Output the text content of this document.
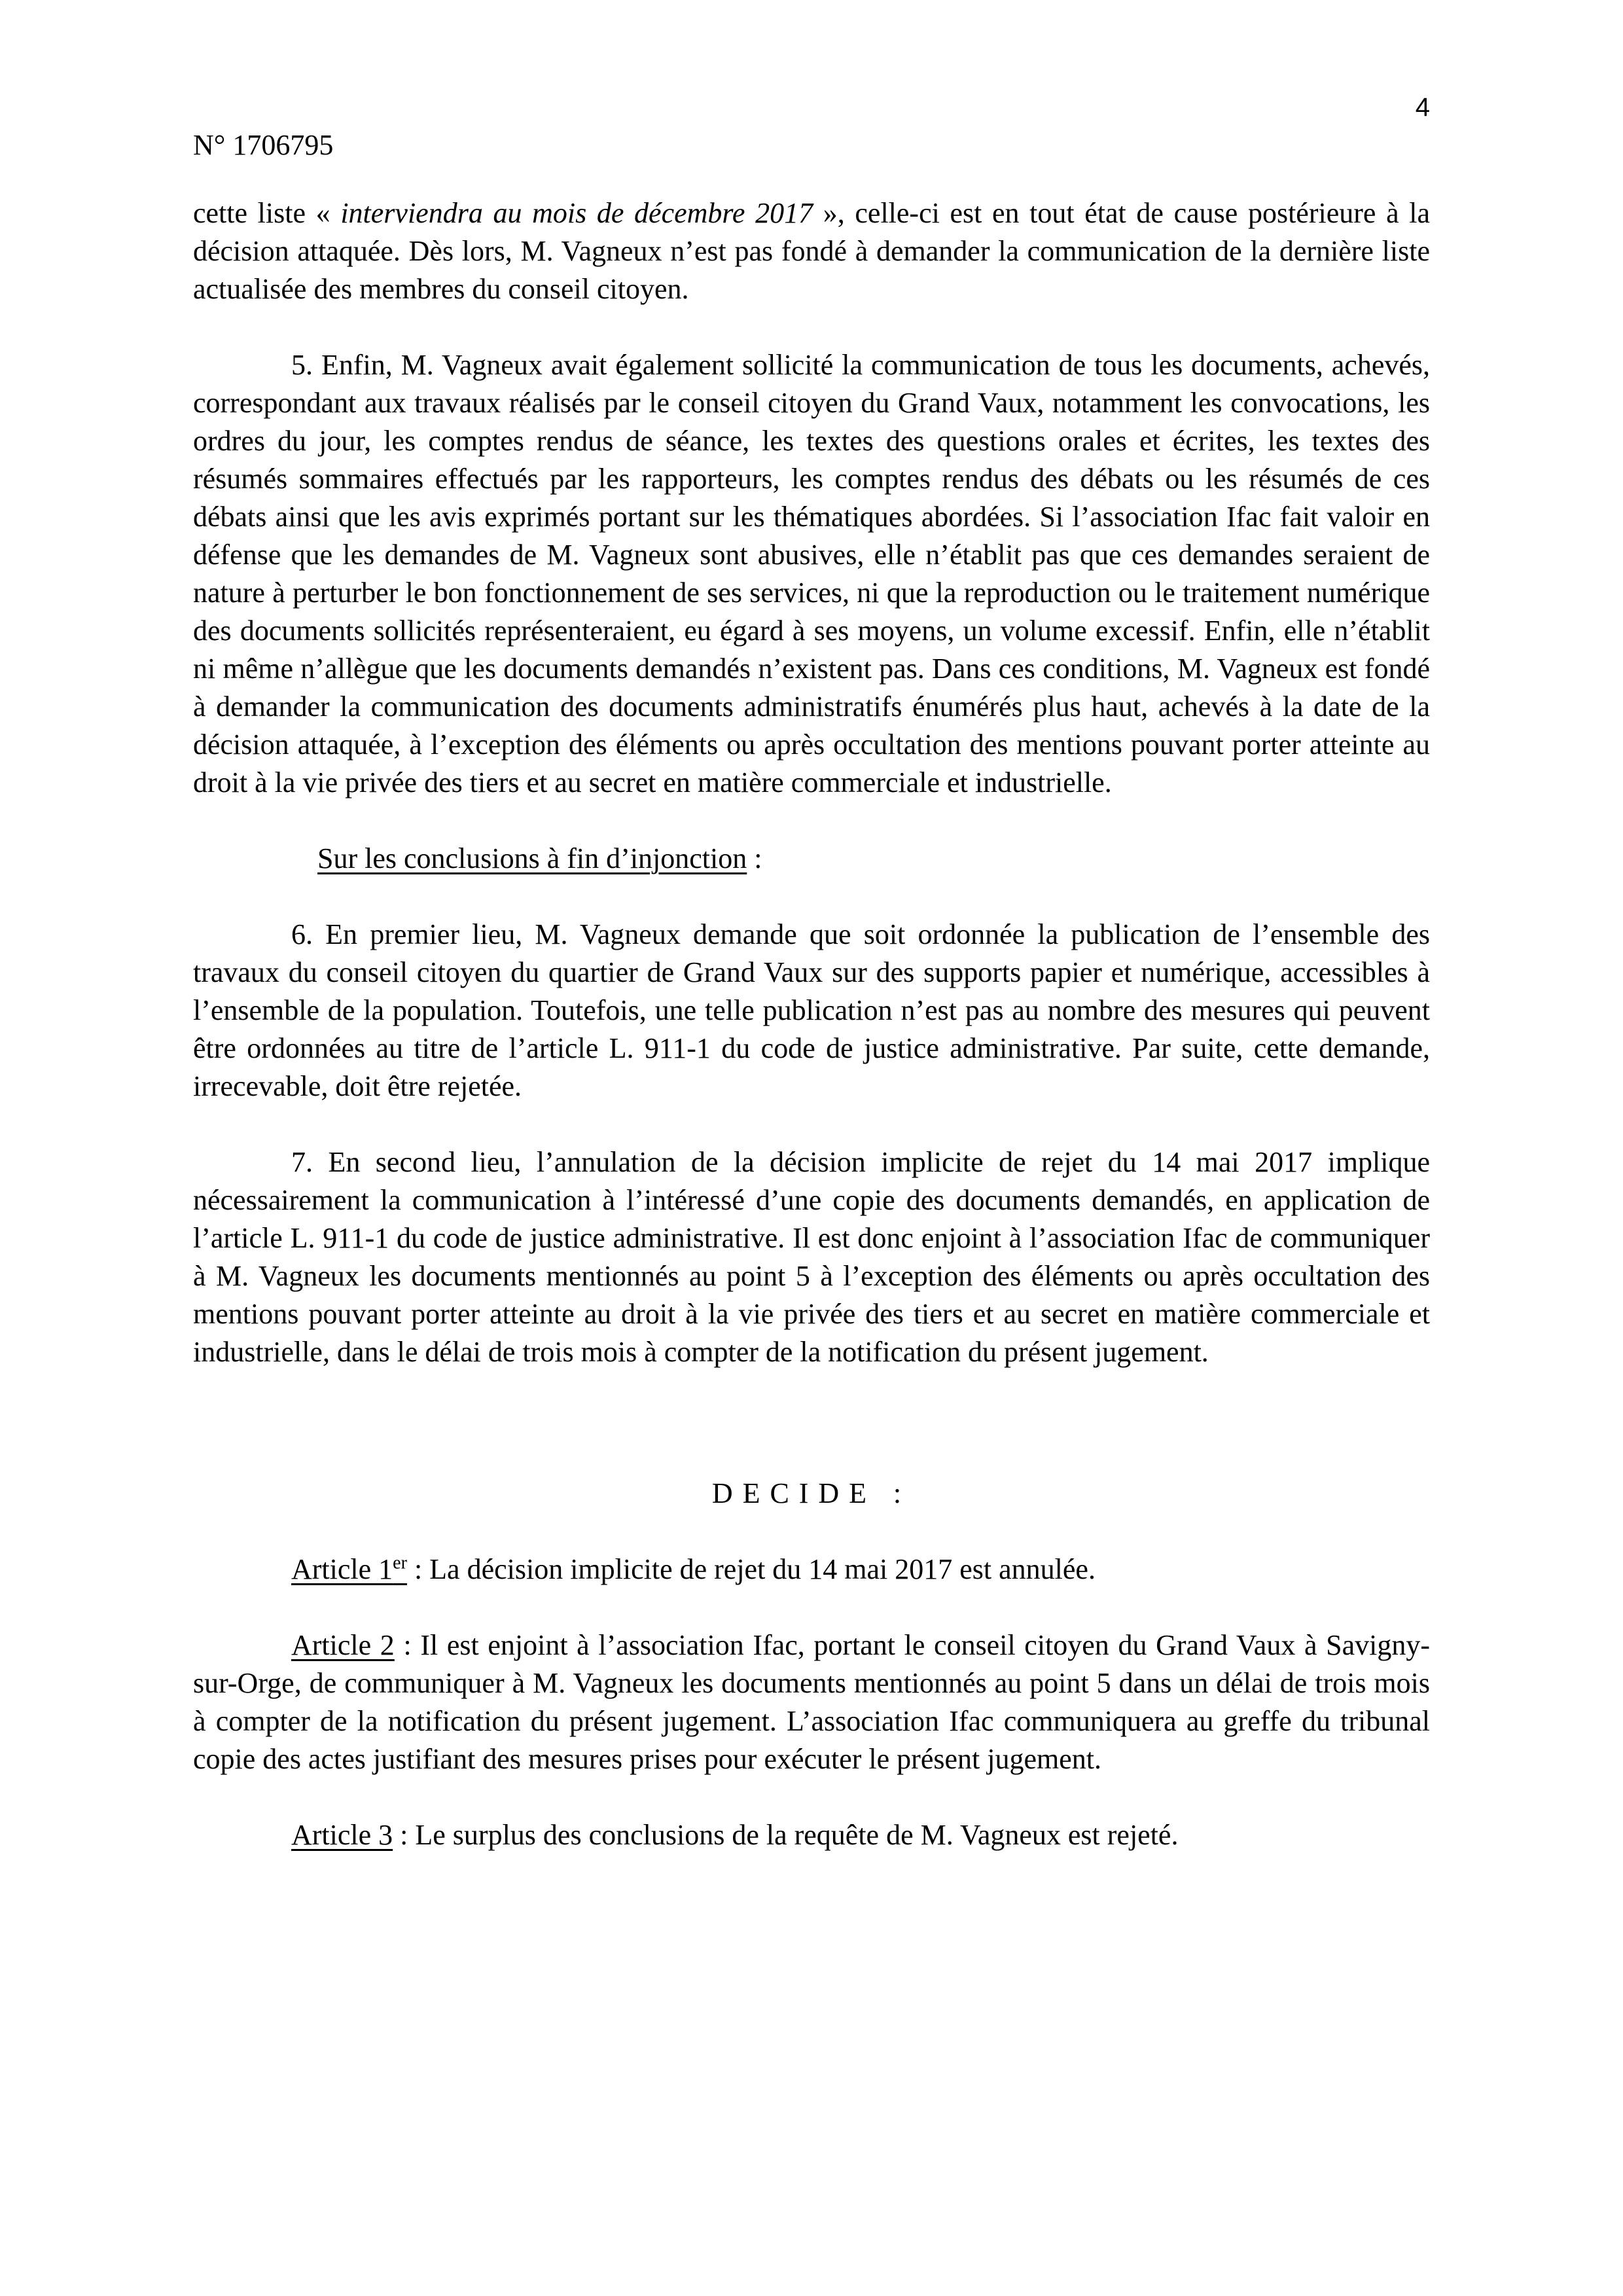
4
N° 1706795

cette liste « interviendra au mois de décembre 2017 », celle-ci est en tout état de cause postérieure à la décision attaquée. Dès lors, M. Vagneux n’est pas fondé à demander la communication de la dernière liste actualisée des membres du conseil citoyen.

5. Enfin, M. Vagneux avait également sollicité la communication de tous les documents, achevés, correspondant aux travaux réalisés par le conseil citoyen du Grand Vaux, notamment les convocations, les ordres du jour, les comptes rendus de séance, les textes des questions orales et écrites, les textes des résumés sommaires effectués par les rapporteurs, les comptes rendus des débats ou les résumés de ces débats ainsi que les avis exprimés portant sur les thématiques abordées. Si l’association Ifac fait valoir en défense que les demandes de M. Vagneux sont abusives, elle n’établit pas que ces demandes seraient de nature à perturber le bon fonctionnement de ses services, ni que la reproduction ou le traitement numérique des documents sollicités représenteraient, eu égard à ses moyens, un volume excessif. Enfin, elle n’établit ni même n’allègue que les documents demandés n’existent pas. Dans ces conditions, M. Vagneux est fondé à demander la communication des documents administratifs énumérés plus haut, achevés à la date de la décision attaquée, à l’exception des éléments ou après occultation des mentions pouvant porter atteinte au droit à la vie privée des tiers et au secret en matière commerciale et industrielle.

Sur les conclusions à fin d’injonction :

6. En premier lieu, M. Vagneux demande que soit ordonnée la publication de l’ensemble des travaux du conseil citoyen du quartier de Grand Vaux sur des supports papier et numérique, accessibles à l’ensemble de la population. Toutefois, une telle publication n’est pas au nombre des mesures qui peuvent être ordonnées au titre de l’article L. 911-1 du code de justice administrative. Par suite, cette demande, irrecevable, doit être rejetée.

7. En second lieu, l’annulation de la décision implicite de rejet du 14 mai 2017 implique nécessairement la communication à l’intéressé d’une copie des documents demandés, en application de l’article L. 911-1 du code de justice administrative. Il est donc enjoint à l’association Ifac de communiquer à M. Vagneux les documents mentionnés au point 5 à l’exception des éléments ou après occultation des mentions pouvant porter atteinte au droit à la vie privée des tiers et au secret en matière commerciale et industrielle, dans le délai de trois mois à compter de la notification du présent jugement.

DECIDE :

Article 1er : La décision implicite de rejet du 14 mai 2017 est annulée.

Article 2 : Il est enjoint à l’association Ifac, portant le conseil citoyen du Grand Vaux à Savigny-sur-Orge, de communiquer à M. Vagneux les documents mentionnés au point 5 dans un délai de trois mois à compter de la notification du présent jugement. L’association Ifac communiquera au greffe du tribunal copie des actes justifiant des mesures prises pour exécuter le présent jugement.

Article 3 : Le surplus des conclusions de la requête de M. Vagneux est rejeté.
